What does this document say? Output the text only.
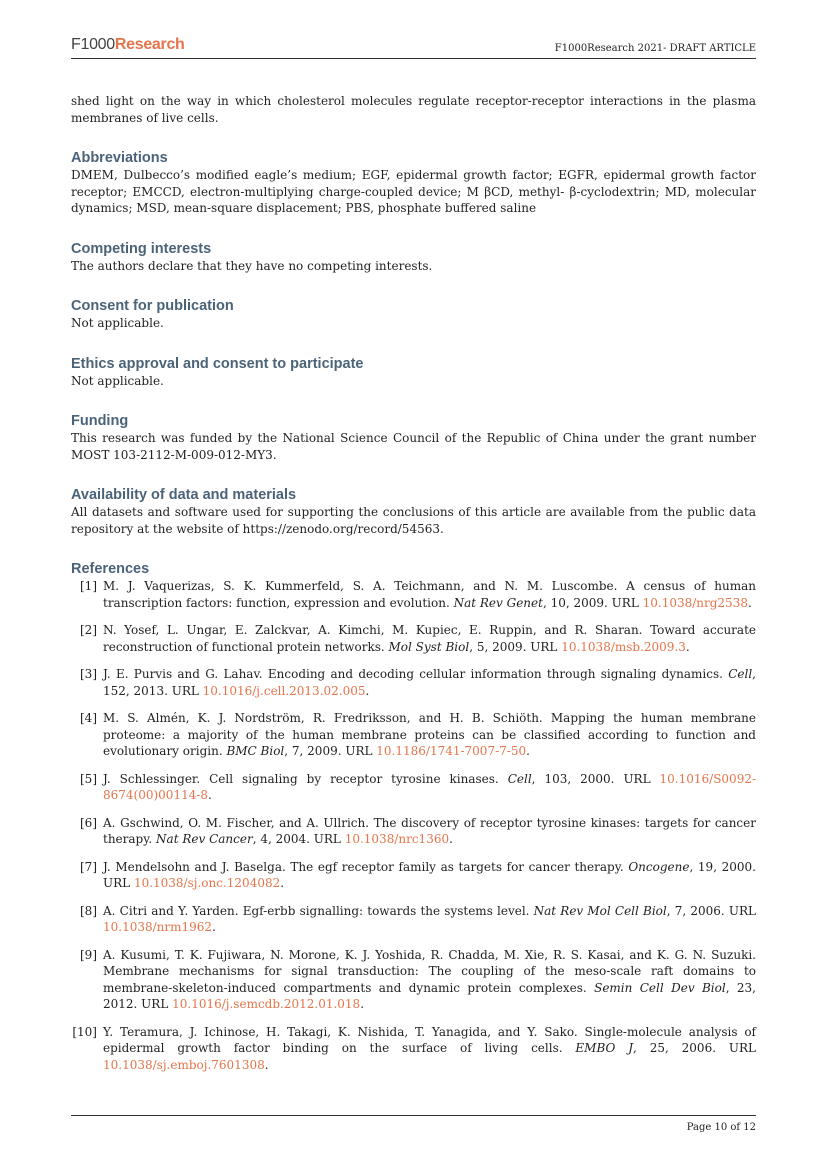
F1000Research	F1000Research 2021- DRAFT ARTICLE

shed light on the way in which cholesterol molecules regulate receptor-receptor interactions in the plasma membranes of live cells.

Abbreviations

DMEM, Dulbecco’s modified eagle’s medium; EGF, epidermal growth factor; EGFR, epidermal growth factor receptor; EMCCD, electron-multiplying charge-coupled device; M βCD, methyl- β-cyclodextrin; MD, molecular dynamics; MSD, mean-square displacement; PBS, phosphate buffered saline

Competing interests

The authors declare that they have no competing interests.

Consent for publication

Not applicable.

Ethics approval and consent to participate

Not applicable.

Funding

This research was funded by the National Science Council of the Republic of China under the grant number MOST 103-2112-M-009-012-MY3.

Availability of data and materials

All datasets and software used for supporting the conclusions of this article are available from the public data repository at the website of https://zenodo.org/record/54563.

References
[1] M. J. Vaquerizas, S. K. Kummerfeld, S. A. Teichmann, and N. M. Luscombe. A census of human transcription factors: function, expression and evolution. Nat Rev Genet, 10, 2009. URL 10.1038/nrg2538.
[2] N. Yosef, L. Ungar, E. Zalckvar, A. Kimchi, M. Kupiec, E. Ruppin, and R. Sharan. Toward accurate reconstruction of functional protein networks. Mol Syst Biol, 5, 2009. URL 10.1038/msb.2009.3.
[3] J. E. Purvis and G. Lahav. Encoding and decoding cellular information through signaling dynamics. Cell, 152, 2013. URL 10.1016/j.cell.2013.02.005.
[4] M. S. Almén, K. J. Nordström, R. Fredriksson, and H. B. Schiöth. Mapping the human membrane proteome: a majority of the human membrane proteins can be classified according to function and evolutionary origin. BMC Biol, 7, 2009. URL 10.1186/1741-7007-7-50.
[5] J. Schlessinger. Cell signaling by receptor tyrosine kinases. Cell, 103, 2000. URL 10.1016/S0092-8674(00)00114-8.
[6] A. Gschwind, O. M. Fischer, and A. Ullrich. The discovery of receptor tyrosine kinases: targets for cancer therapy. Nat Rev Cancer, 4, 2004. URL 10.1038/nrc1360.
[7] J. Mendelsohn and J. Baselga. The egf receptor family as targets for cancer therapy. Oncogene, 19, 2000. URL 10.1038/sj.onc.1204082.
[8] A. Citri and Y. Yarden. Egf-erbb signalling: towards the systems level. Nat Rev Mol Cell Biol, 7, 2006. URL 10.1038/nrm1962.
[9] A. Kusumi, T. K. Fujiwara, N. Morone, K. J. Yoshida, R. Chadda, M. Xie, R. S. Kasai, and K. G. N. Suzuki. Membrane mechanisms for signal transduction: The coupling of the meso-scale raft domains to membrane-skeleton-induced compartments and dynamic protein complexes. Semin Cell Dev Biol, 23, 2012. URL 10.1016/j.semcdb.2012.01.018.
[10] Y. Teramura, J. Ichinose, H. Takagi, K. Nishida, T. Yanagida, and Y. Sako. Single-molecule analysis of epidermal growth factor binding on the surface of living cells. EMBO J, 25, 2006. URL 10.1038/sj.emboj.7601308.
Page 10 of 12
